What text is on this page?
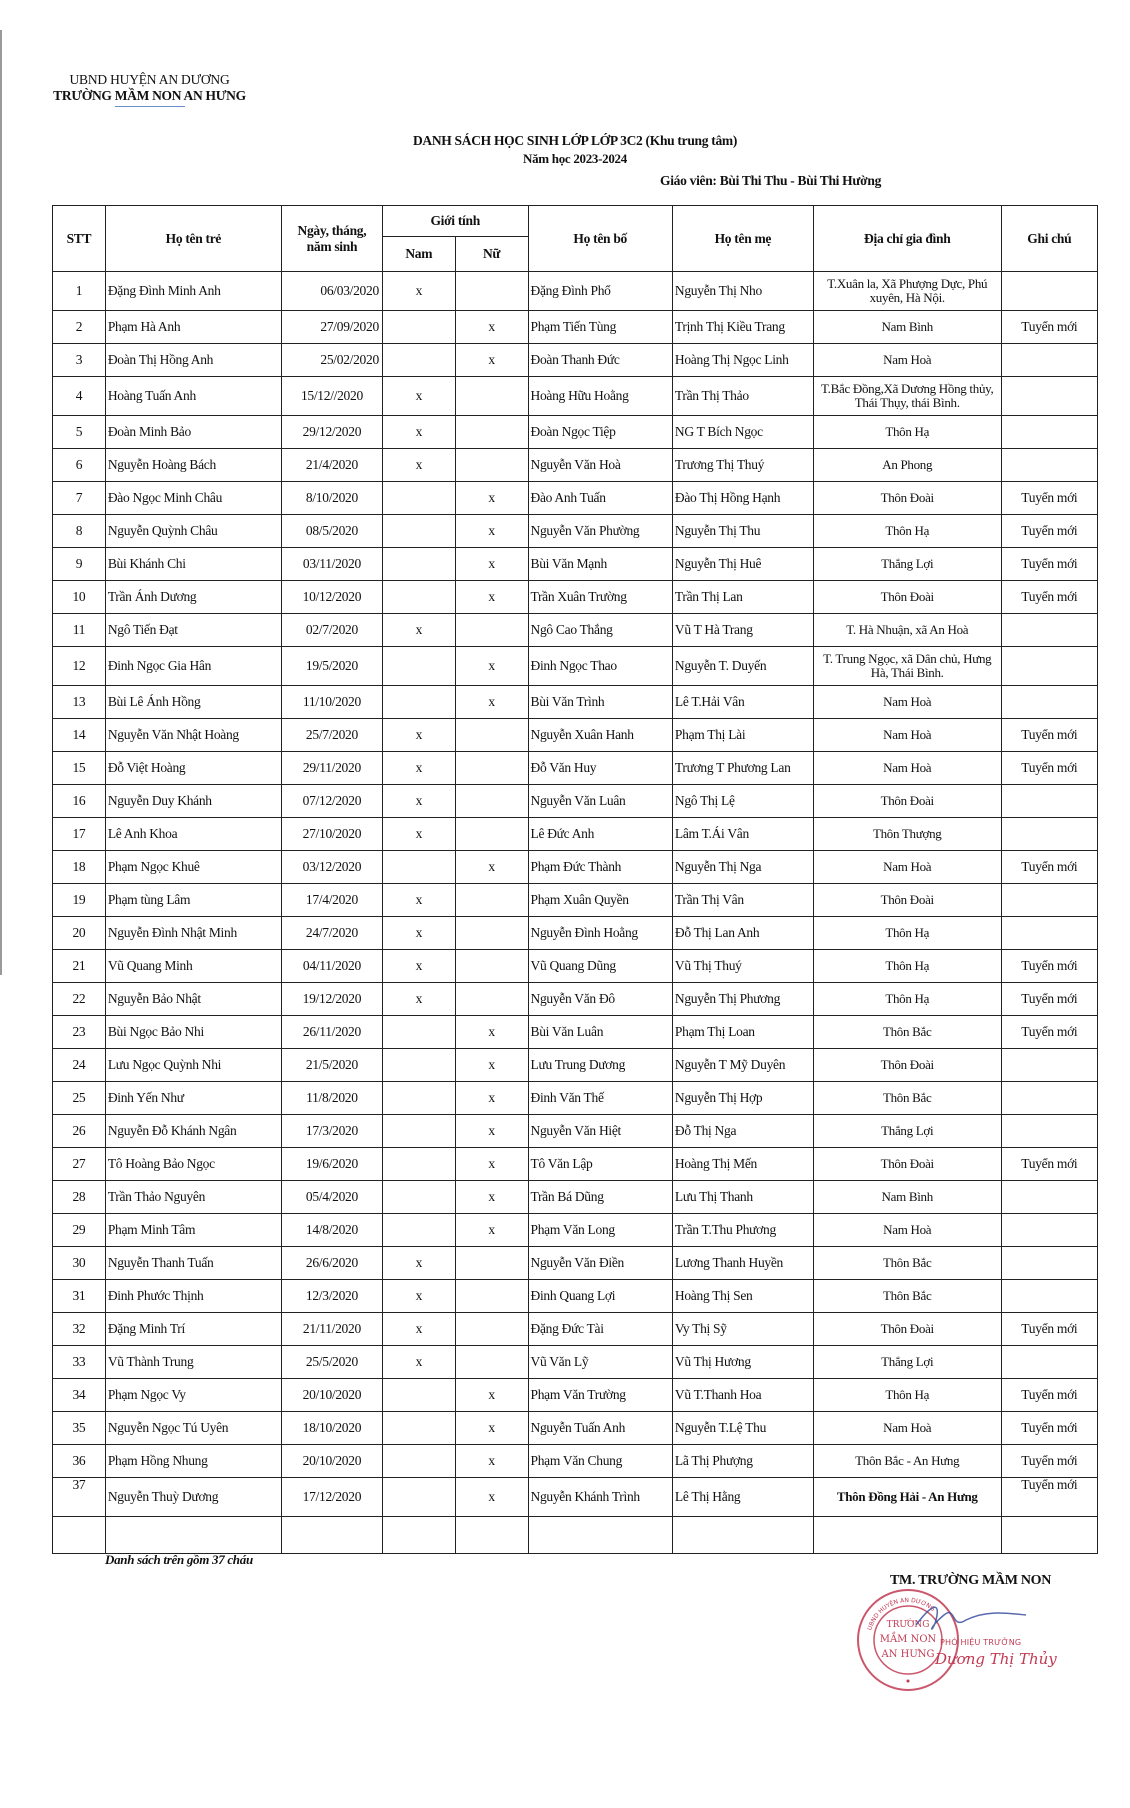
UBND HUYỆN AN DƯƠNG
TRƯỜNG MẦM NON AN HƯNG
DANH SÁCH HỌC SINH LỚP LỚP 3C2 (Khu trung tâm)
Năm học 2023-2024
Giáo viên: Bùi Thi Thu - Bùi Thi Hường
STT	Họ tên trẻ	Ngày, tháng, năm sinh	Giới tính		Họ tên bố	Họ tên mẹ	Địa chỉ gia đình	Ghi chú
			Nam	Nữ				
1	Đặng Đình Minh Anh	06/03/2020	x		Đặng Đình Phổ	Nguyễn Thị Nho	T.Xuân la, Xã Phượng Dực, Phú xuyên, Hà Nội.	
2	Phạm Hà Anh	27/09/2020		x	Phạm Tiến Tùng	Trịnh Thị Kiều Trang	Nam Bình	Tuyển mới
3	Đoàn Thị Hồng Anh	25/02/2020		x	Đoàn Thanh Đức	Hoàng Thị Ngọc Linh	Nam Hoà	
4	Hoàng Tuấn Anh	15/12//2020	x		Hoàng Hữu Hoằng	Trần Thị Thảo	T.Bắc Đồng,Xã Dương Hồng thủy, Thái Thụy, thái Bình.	
5	Đoàn Minh Bảo	29/12/2020	x		Đoàn Ngọc Tiệp	NG T Bích Ngọc	Thôn Hạ	
6	Nguyễn Hoàng Bách	21/4/2020	x		Nguyễn Văn Hoà	Trương Thị Thuý	An Phong	
7	Đào Ngọc Minh Châu	8/10/2020		x	Đào Anh Tuấn	Đào Thị Hồng Hạnh	Thôn Đoài	Tuyển mới
8	Nguyễn Quỳnh Châu	08/5/2020		x	Nguyễn Văn Phường	Nguyễn Thị Thu	Thôn Hạ	Tuyển mới
9	Bùi Khánh Chi	03/11/2020		x	Bùi Văn Mạnh	Nguyễn Thị Huê	Thắng Lợi	Tuyển mới
10	Trần Ánh Dương	10/12/2020		x	Trần Xuân Trường	Trần Thị Lan	Thôn Đoài	Tuyển mới
11	Ngô Tiến Đạt	02/7/2020	x		Ngô Cao Thắng	Vũ T Hà Trang	T. Hà Nhuận, xã An Hoà	
12	Đinh Ngọc Gia Hân	19/5/2020		x	Đinh Ngọc Thao	Nguyễn T. Duyến	T. Trung Ngọc, xã Dân chủ, Hưng Hà, Thái Bình.	
13	Bùi Lê Ánh Hồng	11/10/2020		x	Bùi Văn Trình	Lê T.Hải Vân	Nam Hoà	
14	Nguyễn Văn Nhật Hoàng	25/7/2020	x		Nguyễn Xuân Hanh	Phạm Thị Lài	Nam Hoà	Tuyển mới
15	Đỗ Việt Hoàng	29/11/2020	x		Đỗ Văn Huy	Trương T Phương Lan	Nam Hoà	Tuyển mới
16	Nguyễn Duy Khánh	07/12/2020	x		Nguyễn Văn Luân	Ngô Thị Lệ	Thôn Đoài	
17	Lê Anh Khoa	27/10/2020	x		Lê Đức Anh	Lâm T.Ái Vân	Thôn Thượng	
18	Phạm Ngọc Khuê	03/12/2020		x	Phạm Đức Thành	Nguyễn Thị Nga	Nam Hoà	Tuyển mới
19	Phạm tùng Lâm	17/4/2020	x		Phạm Xuân Quyền	Trần Thị Vân	Thôn Đoài	
20	Nguyễn Đình Nhật Minh	24/7/2020	x		Nguyễn Đình Hoằng	Đỗ Thị Lan Anh	Thôn Hạ	
21	Vũ Quang Minh	04/11/2020	x		Vũ Quang Dũng	Vũ Thị Thuý	Thôn Hạ	Tuyển mới
22	Nguyễn Bảo Nhật	19/12/2020	x		Nguyễn Văn Đô	Nguyễn Thị Phương	Thôn Hạ	Tuyển mới
23	Bùi Ngọc Bảo Nhi	26/11/2020		x	Bùi Văn Luân	Phạm Thị Loan	Thôn Bắc	Tuyển mới
24	Lưu Ngọc Quỳnh Nhi	21/5/2020		x	Lưu Trung Dương	Nguyễn T Mỹ Duyên	Thôn Đoài	
25	Đinh Yến Như	11/8/2020		x	Đinh Văn Thế	Nguyễn Thị Hợp	Thôn Bắc	
26	Nguyễn Đỗ Khánh Ngân	17/3/2020		x	Nguyễn Văn Hiệt	Đỗ Thị Nga	Thắng Lợi	
27	Tô Hoàng Bảo Ngọc	19/6/2020		x	Tô Văn Lập	Hoàng Thị Mến	Thôn Đoài	Tuyển mới
28	Trần Thảo Nguyên	05/4/2020		x	Trần Bá Dũng	Lưu Thị Thanh	Nam Bình	
29	Phạm Minh Tâm	14/8/2020		x	Phạm Văn Long	Trần T.Thu Phương	Nam Hoà	
30	Nguyễn Thanh Tuấn	26/6/2020	x		Nguyễn Văn Điền	Lương Thanh Huyền	Thôn Bắc	
31	Đinh Phước Thịnh	12/3/2020	x		Đinh Quang Lợi	Hoàng Thị Sen	Thôn Bắc	
32	Đặng Minh Trí	21/11/2020	x		Đặng Đức Tài	Vy Thị Sỹ	Thôn Đoài	Tuyển mới
33	Vũ Thành Trung	25/5/2020	x		Vũ Văn Lỹ	Vũ Thị Hương	Thắng Lợi	
34	Phạm Ngọc Vy	20/10/2020		x	Phạm Văn Trường	Vũ T.Thanh Hoa	Thôn Hạ	Tuyển mới
35	Nguyễn Ngọc Tú Uyên	18/10/2020		x	Nguyễn Tuấn Anh	Nguyễn T.Lệ Thu	Nam Hoà	Tuyển mới
36	Phạm Hồng Nhung	20/10/2020		x	Phạm Văn Chung	Lã Thị Phượng	Thôn Bắc - An Hưng	Tuyển mới
37	Nguyễn Thuỳ Dương	17/12/2020		x	Nguyễn Khánh Trình	Lê Thị Hằng	Thôn Đồng Hải - An Hưng	Tuyển mới

Danh sách trên gồm 37 cháu
TM. TRƯỜNG MẦM NON
TRƯỜNG
MẦM NON
AN HƯNG
UBND HUYỆN AN DƯƠNG
PHÓ HIỆU TRƯỞNG
Dương Thị Thủy
